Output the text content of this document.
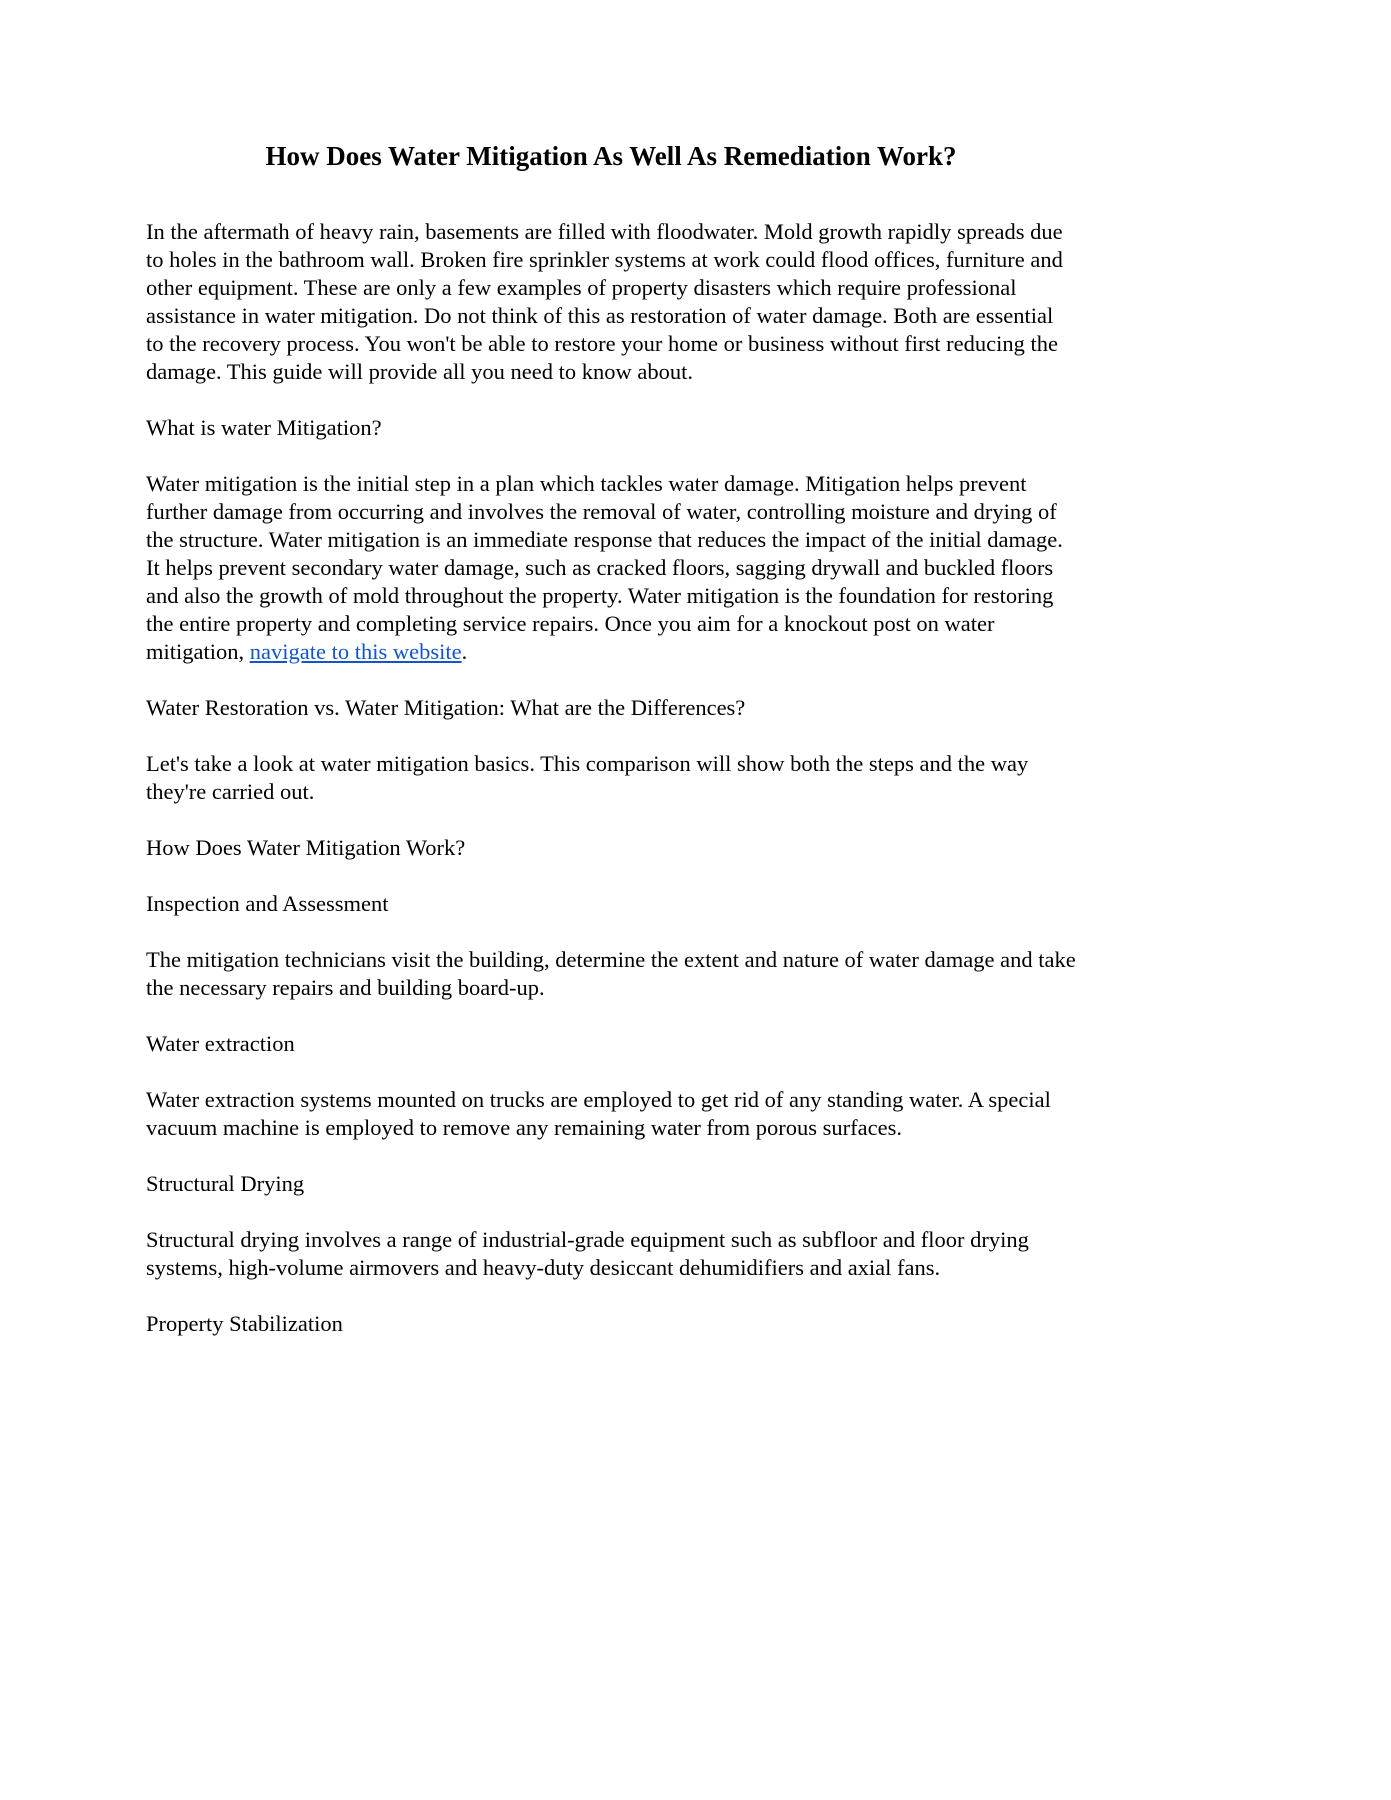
How Does Water Mitigation As Well As Remediation Work?

In the aftermath of heavy rain, basements are filled with floodwater. Mold growth rapidly spreads due to holes in the bathroom wall. Broken fire sprinkler systems at work could flood offices, furniture and other equipment. These are only a few examples of property disasters which require professional assistance in water mitigation. Do not think of this as restoration of water damage. Both are essential to the recovery process. You won't be able to restore your home or business without first reducing the damage. This guide will provide all you need to know about.

What is water Mitigation?

Water mitigation is the initial step in a plan which tackles water damage. Mitigation helps prevent further damage from occurring and involves the removal of water, controlling moisture and drying of the structure. Water mitigation is an immediate response that reduces the impact of the initial damage. It helps prevent secondary water damage, such as cracked floors, sagging drywall and buckled floors and also the growth of mold throughout the property. Water mitigation is the foundation for restoring the entire property and completing service repairs. Once you aim for a knockout post on water mitigation, navigate to this website.

Water Restoration vs. Water Mitigation: What are the Differences?

Let's take a look at water mitigation basics. This comparison will show both the steps and the way they're carried out.

How Does Water Mitigation Work?

Inspection and Assessment

The mitigation technicians visit the building, determine the extent and nature of water damage and take the necessary repairs and building board-up.

Water extraction

Water extraction systems mounted on trucks are employed to get rid of any standing water. A special vacuum machine is employed to remove any remaining water from porous surfaces.

Structural Drying

Structural drying involves a range of industrial-grade equipment such as subfloor and floor drying systems, high-volume airmovers and heavy-duty desiccant dehumidifiers and axial fans.

Property Stabilization
